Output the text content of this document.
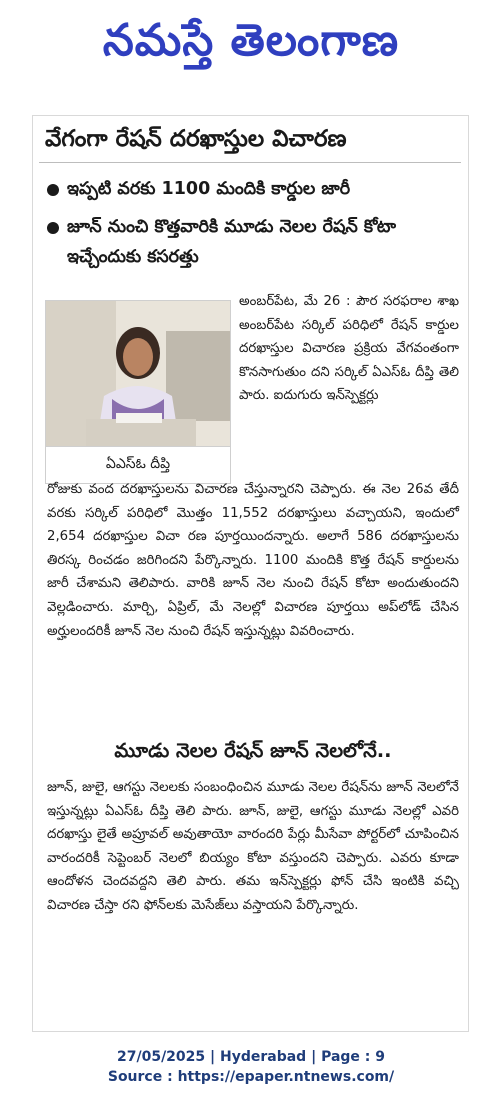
నమస్తే తెలంగాణ
వేగంగా రేషన్ దరఖాస్తుల విచారణ
ఇప్పటి వరకు 1100 మందికి కార్డుల జారీ
జూన్ నుంచి కొత్తవారికి మూడు నెలల రేషన్ కోటా ఇచ్చేందుకు కసరత్తు
ఏఎస్ఓ దీప్తి
అంబర్‌పేట, మే 26 : పౌర సరఫరాల శాఖ అంబర్‌పేట సర్కిల్ పరిధిలో రేషన్ కార్డుల దరఖాస్తుల విచారణ ప్రక్రియ వేగవంతంగా కొనసాగుతుం దని సర్కిల్ ఏఎస్ఓ దీప్తి తెలి పారు. ఐదుగురు ఇన్‌స్పెక్టర్లు
రోజుకు వంద దరఖాస్తులను విచారణ చేస్తున్నారని చెప్పారు. ఈ నెల 26వ తేదీ వరకు సర్కిల్ పరిధిలో మొత్తం 11,552 దరఖాస్తులు వచ్చాయని, ఇందులో 2,654 దరఖాస్తుల విచా రణ పూర్తయిందన్నారు. అలాగే 586 దరఖాస్తులను తిరస్క రించడం జరిగిందని పేర్కొన్నారు. 1100 మందికి కొత్త రేషన్ కార్డులను జారీ చేశామని తెలిపారు. వారికి జూన్ నెల నుంచి రేషన్ కోటా అందుతుందని వెల్లడించారు. మార్చి, ఏప్రిల్, మే నెలల్లో విచారణ పూర్తయి అప్‌లోడ్ చేసిన అర్హులందరికీ జూన్ నెల నుంచి రేషన్ ఇస్తున్నట్లు వివరించారు.
మూడు నెలల రేషన్ జూన్ నెలలోనే..
జూన్, జులై, ఆగస్టు నెలలకు సంబంధించిన మూడు నెలల రేషన్‌ను జూన్ నెలలోనే ఇస్తున్నట్లు ఏఎస్ఓ దీప్తి తెలి పారు. జూన్, జులై, ఆగస్టు మూడు నెలల్లో ఎవరి దరఖాస్తు లైతే అప్రూవల్ అవుతాయో వారందరి పేర్లు మీసేవా పోర్టర్‌లో చూపించిన వారందరికీ సెప్టెంబర్ నెలలో బియ్యం కోటా వస్తుందని చెప్పారు. ఎవరు కూడా ఆందోళన చెందవద్దని తెలి పారు. తమ ఇన్‌స్పెక్టర్లు ఫోన్ చేసి ఇంటికి వచ్చి విచారణ చేస్తా రని ఫోన్‌లకు మెసేజ్‌లు వస్తాయని పేర్కొన్నారు.
27/05/2025 | Hyderabad | Page : 9
Source : https://epaper.ntnews.com/
